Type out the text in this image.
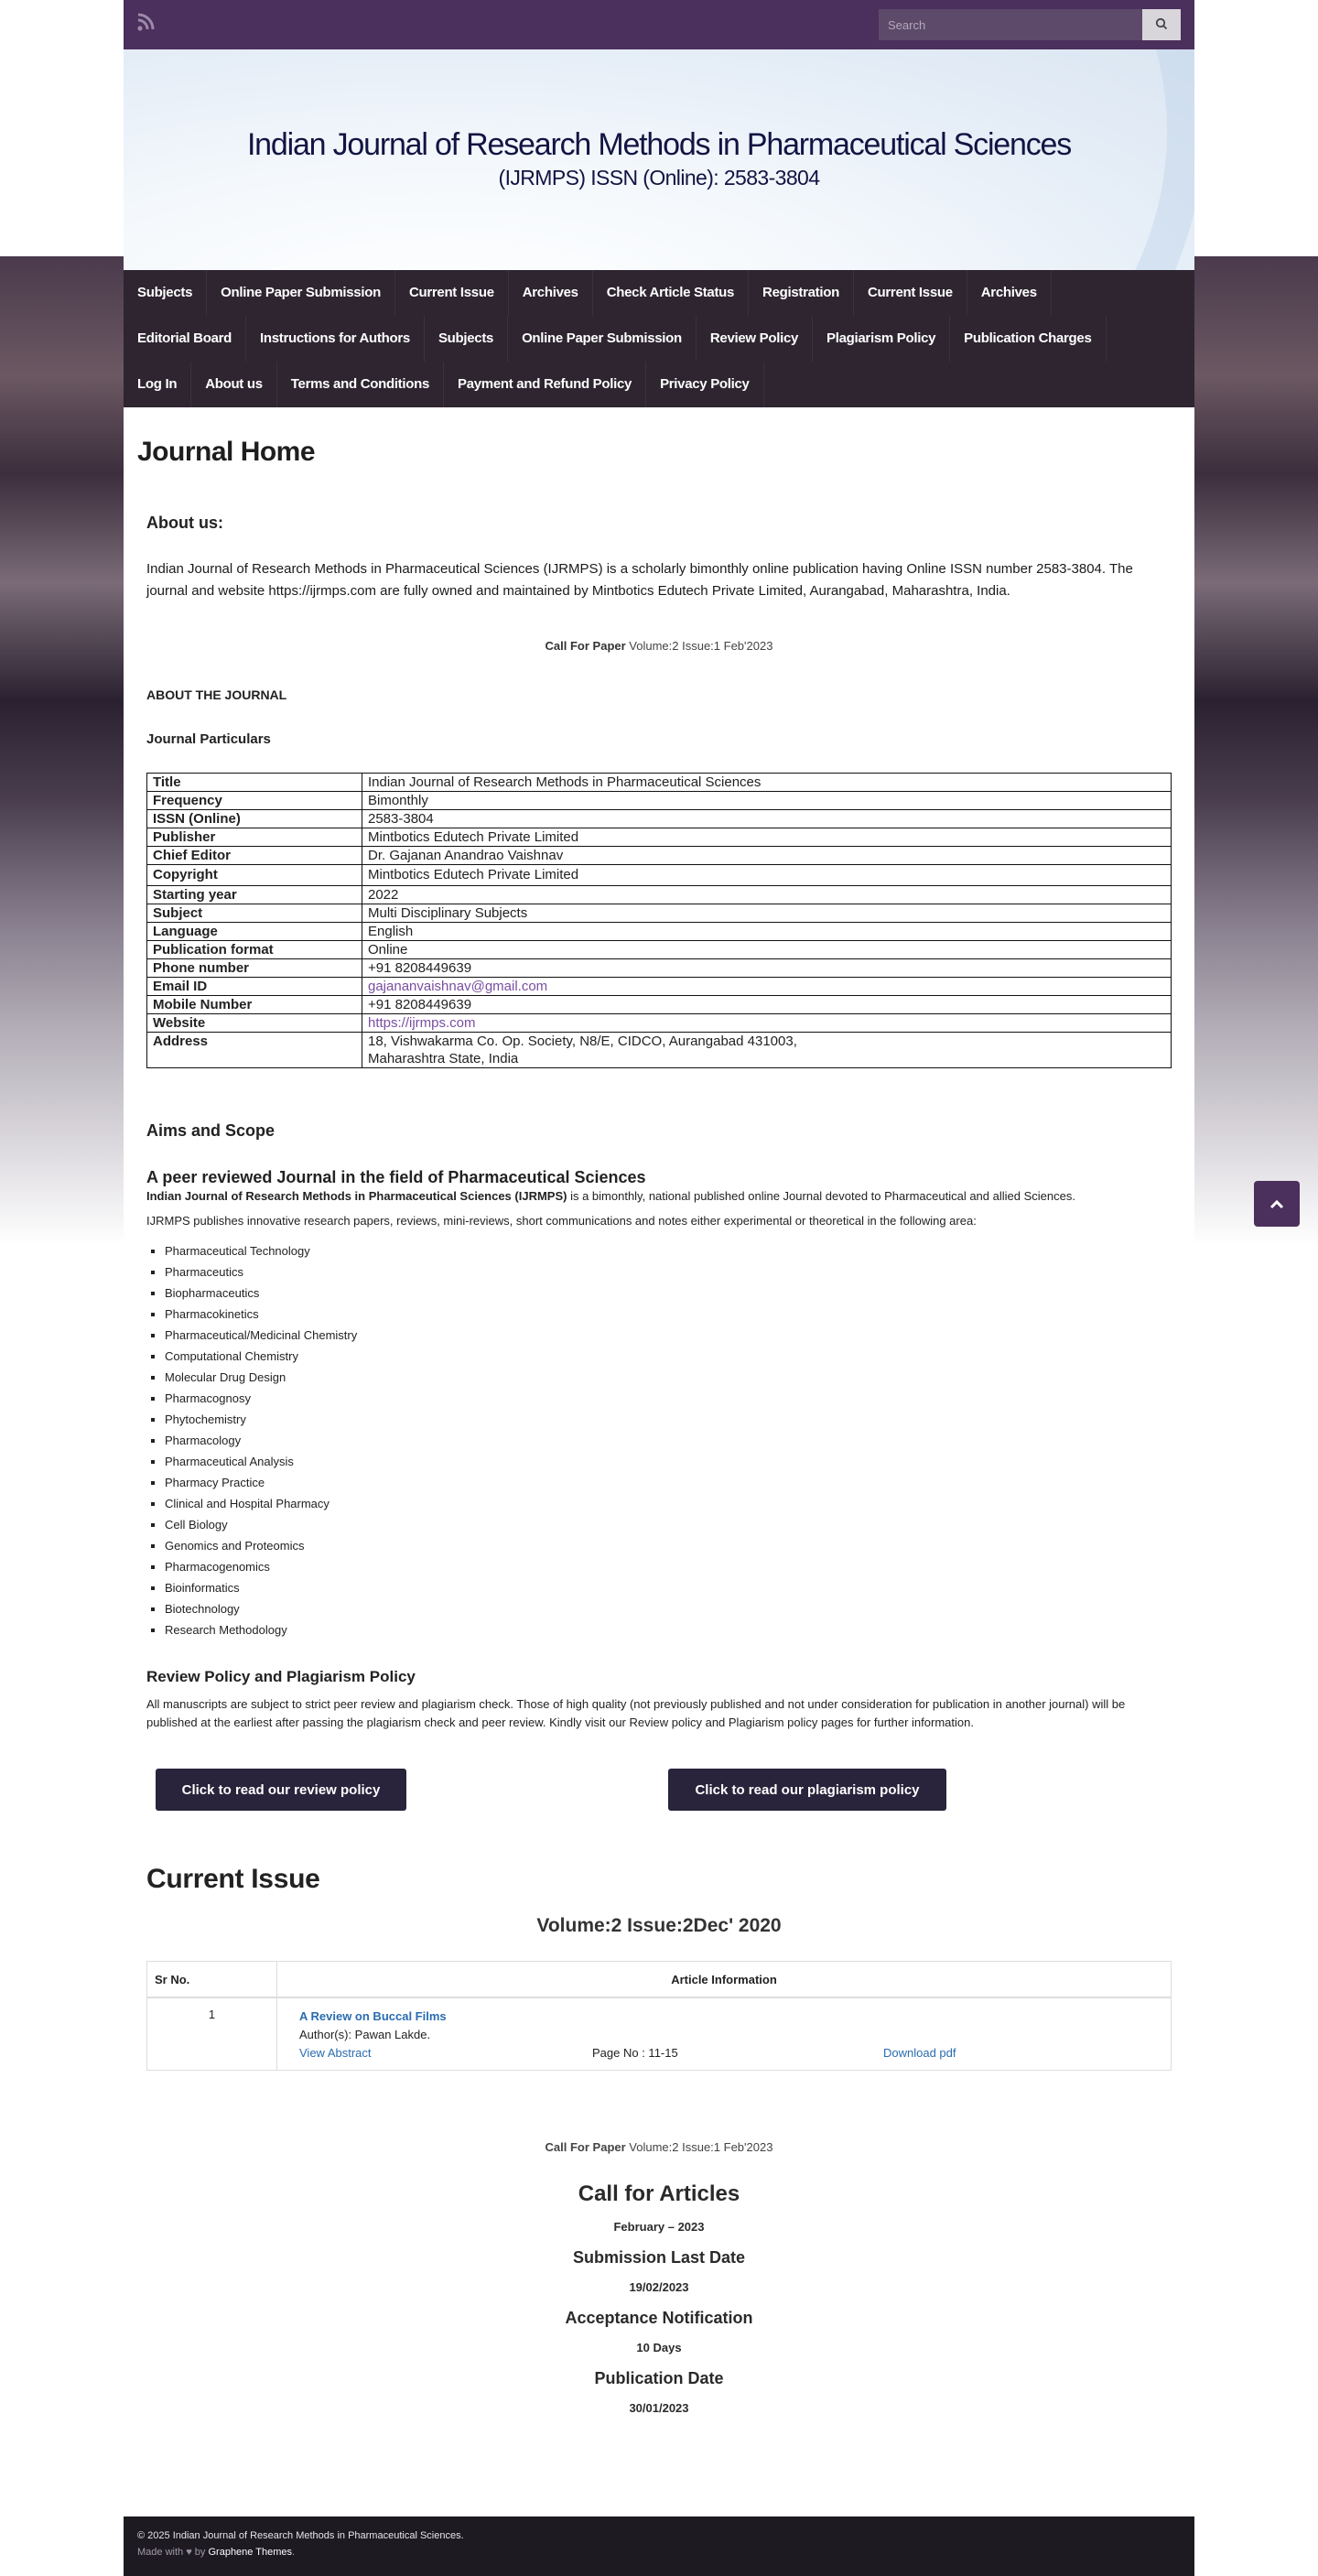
Search
Indian Journal of Research Methods in Pharmaceutical Sciences
(IJRMPS) ISSN (Online): 2583-3804
Subjects	Online Paper Submission	Current Issue	Archives	Check Article Status	Registration	Current Issue	Archives
Editorial Board	Instructions for Authors	Subjects	Online Paper Submission	Review Policy	Plagiarism Policy	Publication Charges
Log In	About us	Terms and Conditions	Payment and Refund Policy	Privacy Policy
Journal Home
About us:

Indian Journal of Research Methods in Pharmaceutical Sciences (IJRMPS) is a scholarly bimonthly online publication having Online ISSN number 2583-3804. The journal and website https://ijrmps.com are fully owned and maintained by Mintbotics Edutech Private Limited, Aurangabad, Maharashtra, India.

Call For Paper Volume:2 Issue:1 Feb'2023
ABOUT THE JOURNAL
Journal Particulars
Title	Indian Journal of Research Methods in Pharmaceutical Sciences
Frequency	Bimonthly
ISSN (Online)	2583-3804
Publisher	Mintbotics Edutech Private Limited
Chief Editor	Dr. Gajanan Anandrao Vaishnav
Copyright	Mintbotics Edutech Private Limited
Starting year	2022
Subject	Multi Disciplinary Subjects
Language	English
Publication format	Online
Phone number	+91 8208449639
Email ID	gajananvaishnav@gmail.com
Mobile Number	+91 8208449639
Website	https://ijrmps.com
Address	18, Vishwakarma Co. Op. Society, N8/E, CIDCO, Aurangabad 431003,
Maharashtra State, India
Aims and Scope
A peer reviewed Journal in the field of Pharmaceutical Sciences
Indian Journal of Research Methods in Pharmaceutical Sciences (IJRMPS) is a bimonthly, national published online Journal devoted to Pharmaceutical and allied Sciences.
IJRMPS publishes innovative research papers, reviews, mini-reviews, short communications and notes either experimental or theoretical in the following area:
▪ Pharmaceutical Technology
▪ Pharmaceutics
▪ Biopharmaceutics
▪ Pharmacokinetics
▪ Pharmaceutical/Medicinal Chemistry
▪ Computational Chemistry
▪ Molecular Drug Design
▪ Pharmacognosy
▪ Phytochemistry
▪ Pharmacology
▪ Pharmaceutical Analysis
▪ Pharmacy Practice
▪ Clinical and Hospital Pharmacy
▪ Cell Biology
▪ Genomics and Proteomics
▪ Pharmacogenomics
▪ Bioinformatics
▪ Biotechnology
▪ Research Methodology
Review Policy and Plagiarism Policy
All manuscripts are subject to strict peer review and plagiarism check. Those of high quality (not previously published and not under consideration for publication in another journal) will be published at the earliest after passing the plagiarism check and peer review. Kindly visit our Review policy and Plagiarism policy pages for further information.
Click to read our review policy	Click to read our plagiarism policy
Current Issue
Volume:2 Issue:2Dec' 2020
Sr No.	Article Information
1	A Review on Buccal Films
Author(s): Pawan Lakde.
View Abstract Page No : 11-15 Download pdf
Call For Paper Volume:2 Issue:1 Feb'2023
Call for Articles
February – 2023
Submission Last Date
19/02/2023
Acceptance Notification
10 Days
Publication Date
30/01/2023
© 2025 Indian Journal of Research Methods in Pharmaceutical Sciences.
Made with ♥ by Graphene Themes.
